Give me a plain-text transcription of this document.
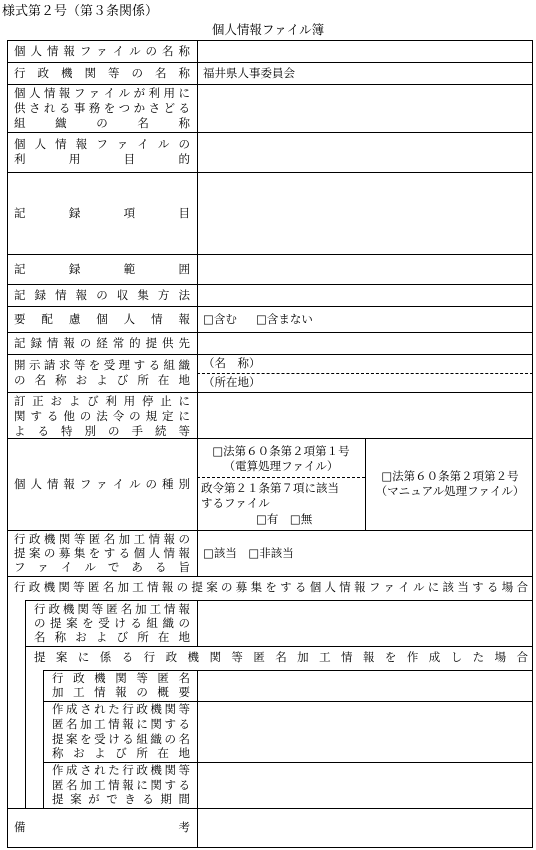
様式第２号（第３条関係）
個人情報ファイル簿
個人情報ファイルの名称
行政機関等の名称 福井県人事委員会
個人情報ファイルが利用に
供される事務をつかさどる
組織の名称
個人情報ファイルの
利用目的
記録項目
記録範囲
記録情報の収集方法
要配慮個人情報 □含む □含まない
記録情報の経常的提供先
開示請求等を受理する組織
の名称および所在地
（名　称）
（所在地）
訂正および利用停止に
関する他の法令の規定に
よる特別の手続等
個人情報ファイルの種別
□法第６０条第２項第１号
（電算処理ファイル）
政令第２１条第７項に該当
するファイル
□有　□無
□法第６０条第２項第２号
（マニュアル処理ファイル）
行政機関等匿名加工情報の
提案の募集をする個人情報
ファイルである旨
□該当　□非該当
行政機関等匿名加工情報の提案の募集をする個人情報ファイルに該当する場合
行政機関等匿名加工情報
の提案を受ける組織の
名称および所在地
提案に係る行政機関等匿名加工情報を作成した場合
行政機関等匿名
加工情報の概要
作成された行政機関等
匿名加工情報に関する
提案を受ける組織の名
称および所在地
作成された行政機関等
匿名加工情報に関する
提案ができる期間
備考
